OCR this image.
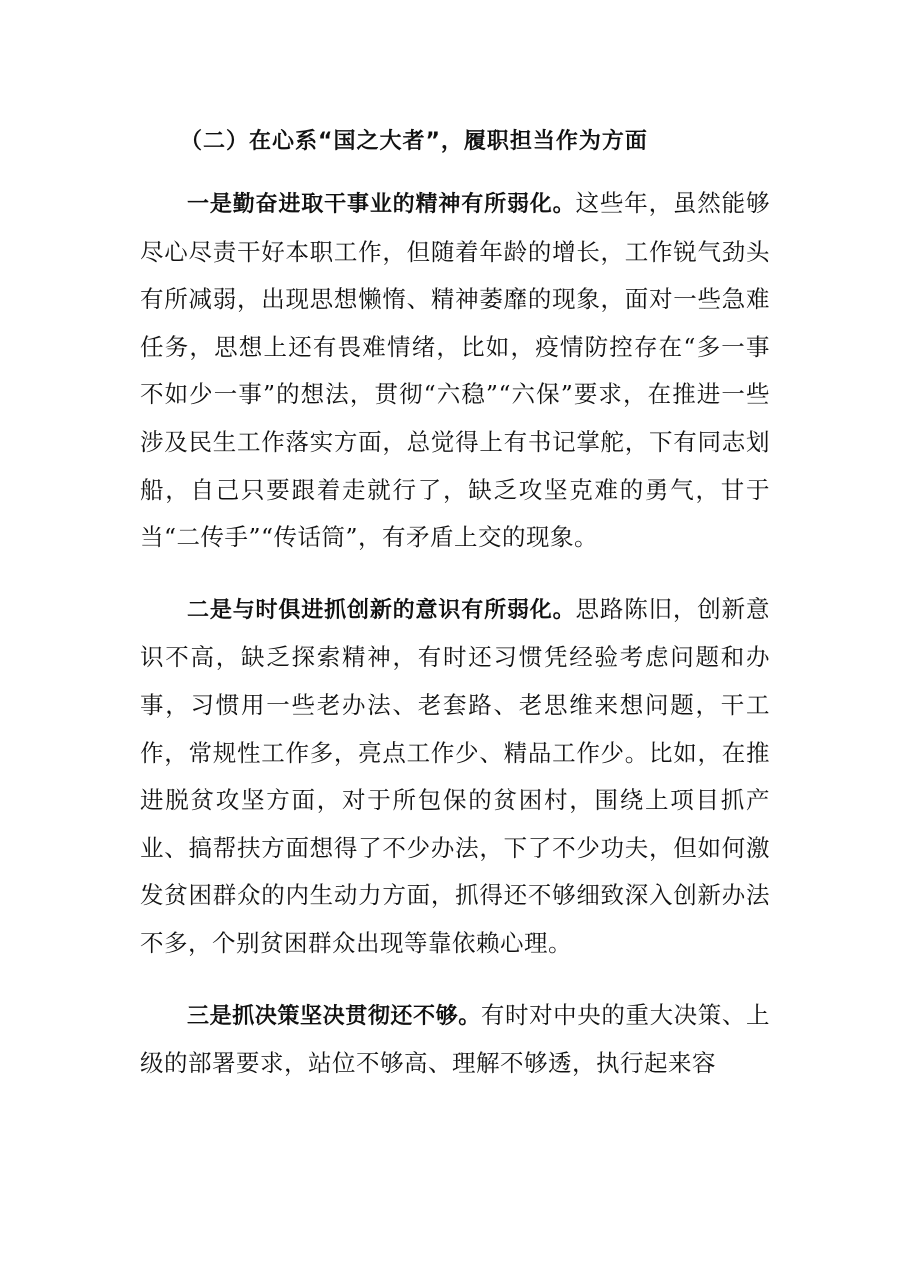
（二）在心系“国之大者”，履职担当作为方面

一是勤奋进取干事业的精神有所弱化。这些年，虽然能够尽心尽责干好本职工作，但随着年龄的增长，工作锐气劲头有所减弱，出现思想懒惰、精神萎靡的现象，面对一些急难任务，思想上还有畏难情绪，比如，疫情防控存在“多一事不如少一事”的想法，贯彻“六稳”“六保”要求，在推进一些涉及民生工作落实方面，总觉得上有书记掌舵，下有同志划船，自己只要跟着走就行了，缺乏攻坚克难的勇气，甘于当“二传手”“传话筒”，有矛盾上交的现象。

二是与时俱进抓创新的意识有所弱化。思路陈旧，创新意识不高，缺乏探索精神，有时还习惯凭经验考虑问题和办事，习惯用一些老办法、老套路、老思维来想问题，干工作，常规性工作多，亮点工作少、精品工作少。比如，在推进脱贫攻坚方面，对于所包保的贫困村，围绕上项目抓产业、搞帮扶方面想得了不少办法，下了不少功夫，但如何激发贫困群众的内生动力方面，抓得还不够细致深入创新办法不多，个别贫困群众出现等靠依赖心理。

三是抓决策坚决贯彻还不够。有时对中央的重大决策、上级的部署要求，站位不够高、理解不够透，执行起来容
